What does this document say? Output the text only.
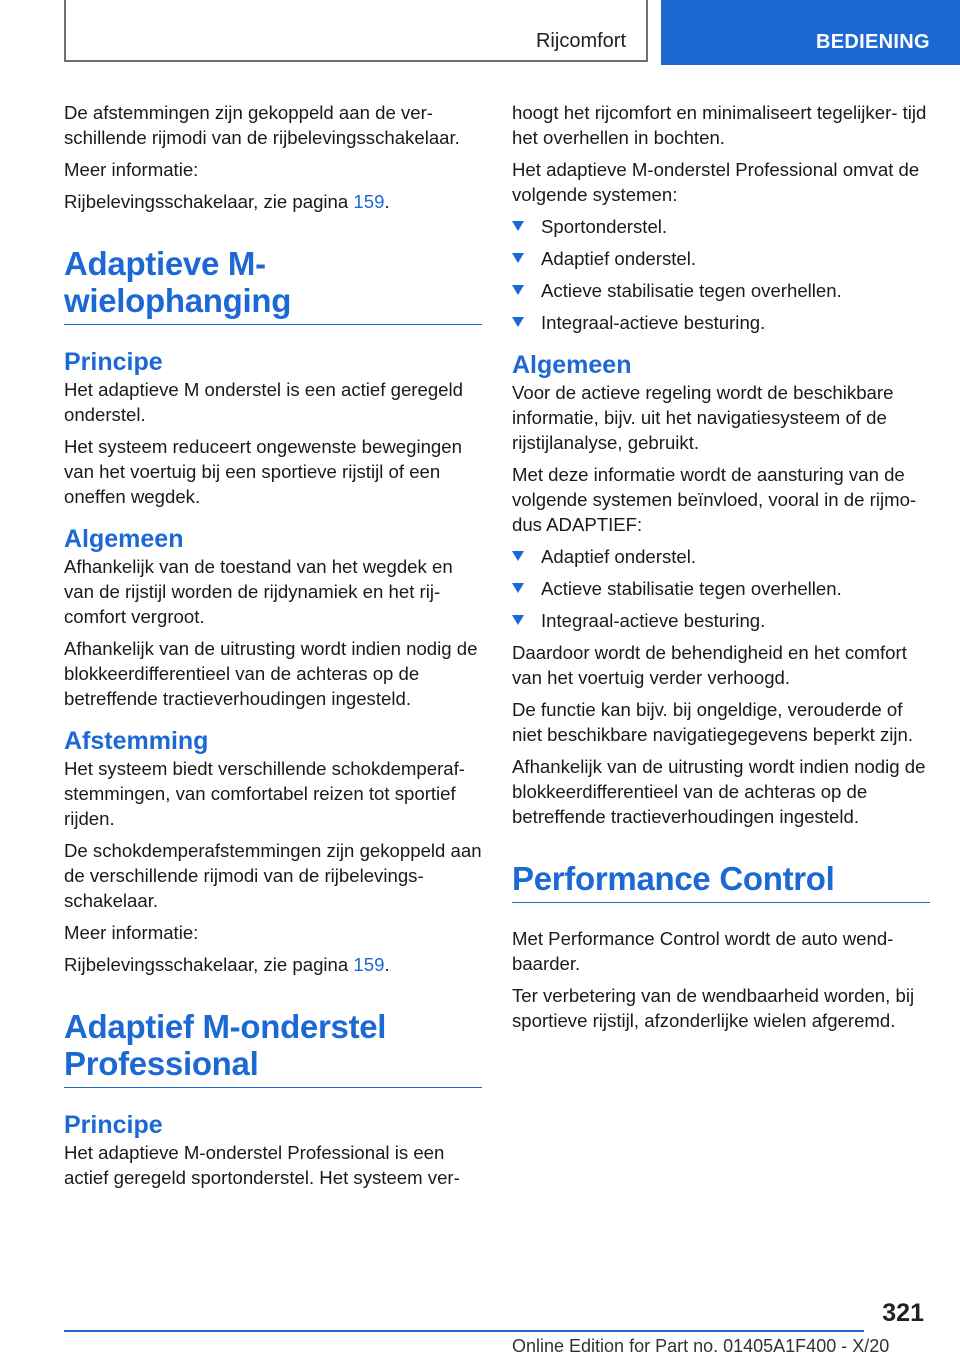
Rijcomfort	BEDIENING

De afstemmingen zijn gekoppeld aan de ver- schillende rijmodi van de rijbelevingsschakelaar.

Meer informatie:

Rijbelevingsschakelaar, zie pagina 159.

Adaptieve M- wielophanging
Principe

Het adaptieve M onderstel is een actief geregeld onderstel.

Het systeem reduceert ongewenste bewegingen van het voertuig bij een sportieve rijstijl of een oneffen wegdek.

Algemeen

Afhankelijk van de toestand van het wegdek en van de rijstijl worden de rijdynamiek en het rij- comfort vergroot.

Afhankelijk van de uitrusting wordt indien nodig de blokkeerdifferentieel van de achteras op de betreffende tractieverhoudingen ingesteld.

Afstemming

Het systeem biedt verschillende schokdemperaf- stemmingen, van comfortabel reizen tot sportief rijden.

De schokdemperafstemmingen zijn gekoppeld aan de verschillende rijmodi van de rijbelevings- schakelaar.

Meer informatie:

Rijbelevingsschakelaar, zie pagina 159.

Adaptief M-onderstel Professional
Principe

Het adaptieve M-onderstel Professional is een actief geregeld sportonderstel. Het systeem ver-

hoogt het rijcomfort en minimaliseert tegelijker- tijd het overhellen in bochten.

Het adaptieve M-onderstel Professional omvat de volgende systemen:

Sportonderstel.
Adaptief onderstel.
Actieve stabilisatie tegen overhellen.
Integraal-actieve besturing.
Algemeen

Voor de actieve regeling wordt de beschikbare informatie, bijv. uit het navigatiesysteem of de rijstijlanalyse, gebruikt.

Met deze informatie wordt de aansturing van de volgende systemen beïnvloed, vooral in de rijmo- dus ADAPTIEF:

Adaptief onderstel.
Actieve stabilisatie tegen overhellen.
Integraal-actieve besturing.

Daardoor wordt de behendigheid en het comfort van het voertuig verder verhoogd.

De functie kan bijv. bij ongeldige, verouderde of niet beschikbare navigatiegegevens beperkt zijn.

Afhankelijk van de uitrusting wordt indien nodig de blokkeerdifferentieel van de achteras op de betreffende tractieverhoudingen ingesteld.

Performance Control

Met Performance Control wordt de auto wend- baarder.

Ter verbetering van de wendbaarheid worden, bij sportieve rijstijl, afzonderlijke wielen afgeremd.

321
Online Edition for Part no. 01405A1F400 - X/20
